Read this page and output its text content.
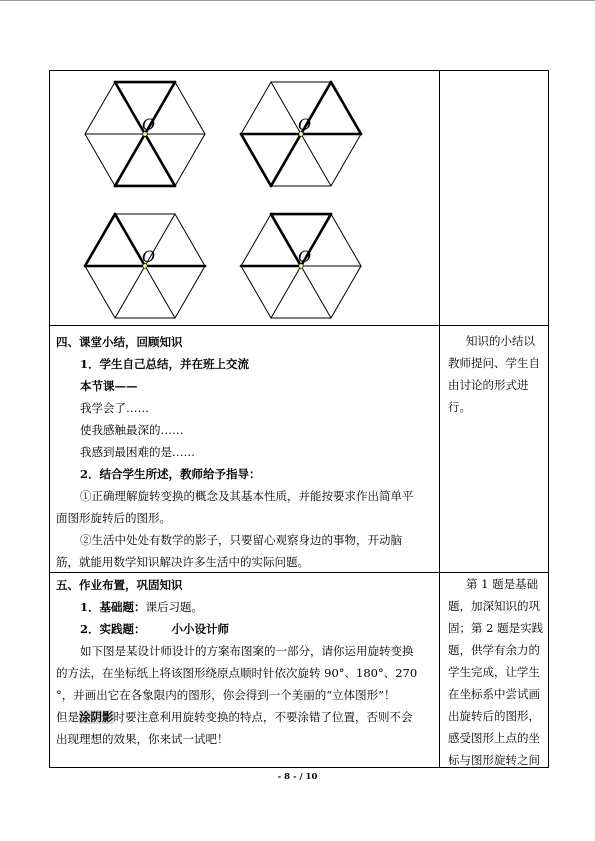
O	O
O	O
四、课堂小结，回顾知识
1．学生自己总结，并在班上交流
本节课——
我学会了……
使我感触最深的……
我感到最困难的是……
2．结合学生所述，教师给予指导：
①正确理解旋转变换的概念及其基本性质，并能按要求作出简单平
面图形旋转后的图形。
②生活中处处有数学的影子，只要留心观察身边的事物，开动脑
筋，就能用数学知识解决许多生活中的实际问题。
知识的小结以
教师提问、学生自
由讨论的形式进
行。
五、作业布置，巩固知识
1．基础题：课后习题。
2．实践题： 小小设计师
如下图是某设计师设计的方案布图案的一部分，请你运用旋转变换
的方法，在坐标纸上将该图形绕原点顺时针依次旋转 90°、180°、270
°，并画出它在各象限内的图形，你会得到一个美丽的“立体图形”！
但是涂阴影时要注意利用旋转变换的特点，不要涂错了位置，否则不会
出现理想的效果，你来试一试吧！
第 1 题是基础
题，加深知识的巩
固；第 2 题是实践
题，供学有余力的
学生完成，让学生
在坐标系中尝试画
出旋转后的图形，
感受图形上点的坐
标与图形旋转之间
- 8 - / 10
